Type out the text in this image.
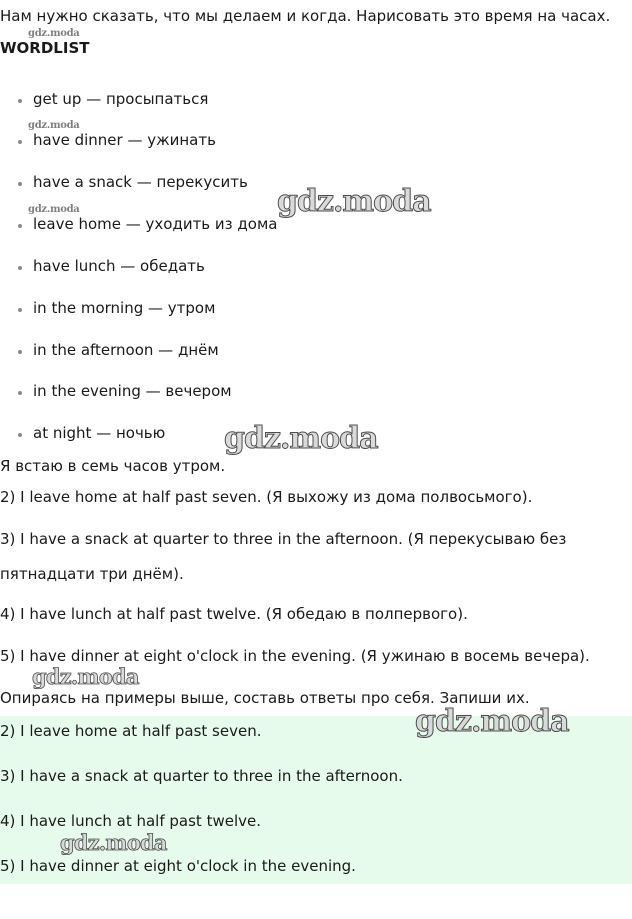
Нам нужно сказать, что мы делаем и когда. Нарисовать это время на часах.
gdz.moda
WORDLIST
get up — просыпаться
have dinner — ужинать
have a snack — перекусить
leave home — уходить из дома
have lunch — обедать
in the morning — утром
in the afternoon — днём
in the evening — вечером
at night — ночью
gdz.moda
gdz.moda	gdz.moda
gdz.moda
Я встаю в семь часов утром.
2) I leave home at half past seven. (Я выхожу из дома полвосьмого).
3) I have a snack at quarter to three in the afternoon. (Я перекусываю без
пятнадцати три днём).
4) I have lunch at half past twelve. (Я обедаю в полпервого).
5) I have dinner at eight o'clock in the evening. (Я ужинаю в восемь вечера).
gdz.moda
Опираясь на примеры выше, составь ответы про себя. Запиши их.
2) I leave home at half past seven.
3) I have a snack at quarter to three in the afternoon.
4) I have lunch at half past twelve.
5) I have dinner at eight o'clock in the evening.
gdz.moda
gdz.moda
